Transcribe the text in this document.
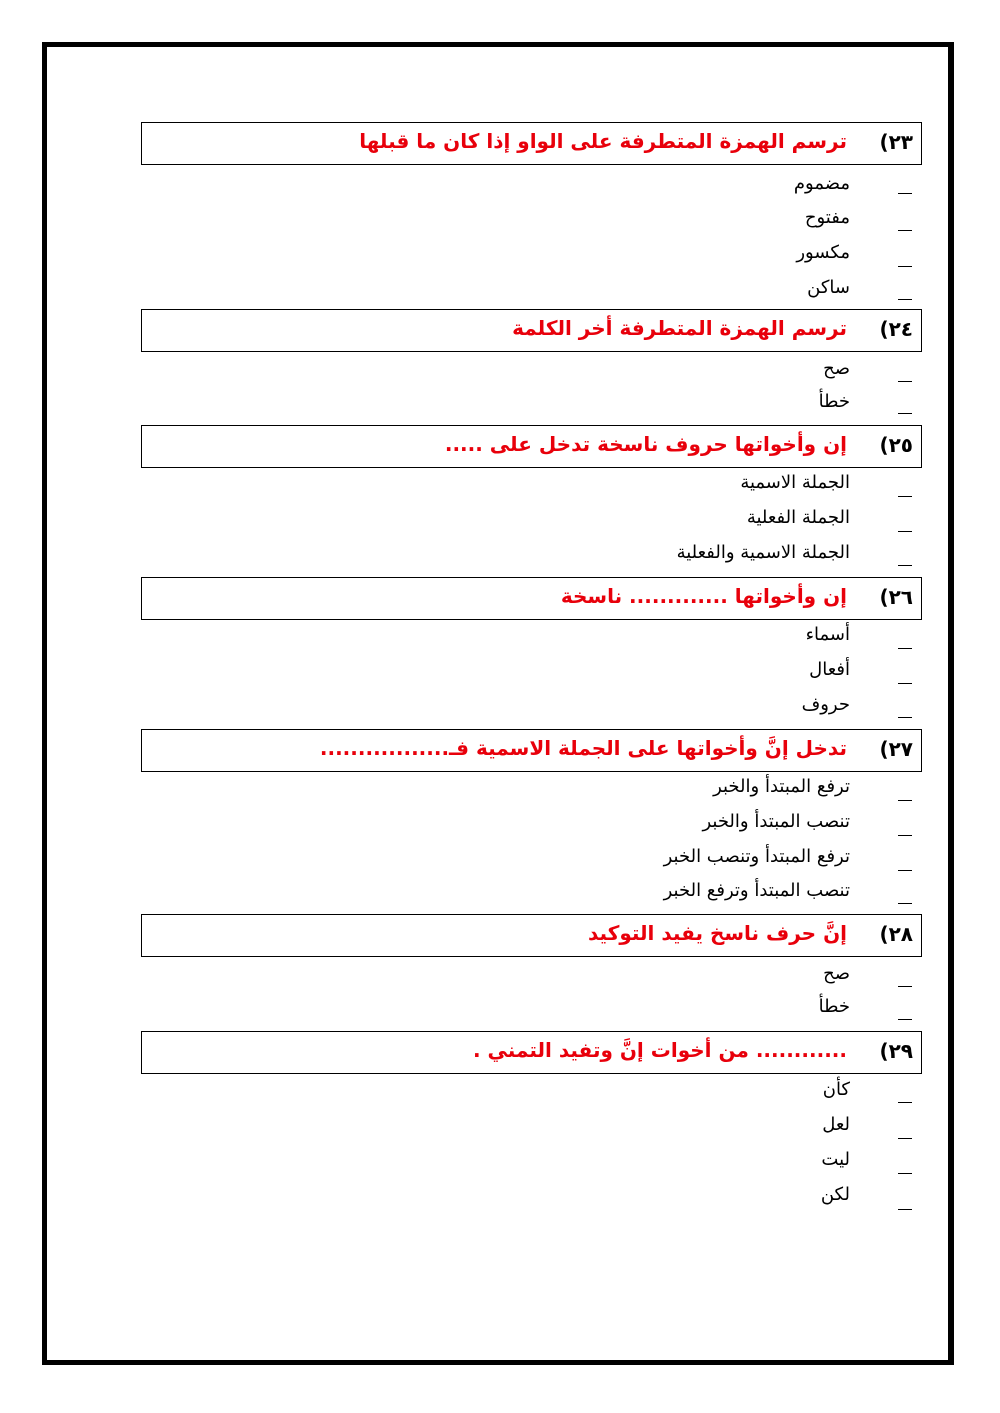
٢٣)
ترسم الهمزة المتطرفة على الواو إذا كان ما قبلها
مضموم
مفتوح
مكسور
ساكن
٢٤)
ترسم الهمزة المتطرفة أخر الكلمة
صح
خطأ
٢٥)
إن وأخواتها حروف ناسخة تدخل على .....
الجملة الاسمية
الجملة الفعلية
الجملة الاسمية والفعلية
٢٦)
إن وأخواتها ............. ناسخة
أسماء
أفعال
حروف
٢٧)
تدخل إنَّ وأخواتها على الجملة الاسمية فـ.................
ترفع المبتدأ والخبر
تنصب المبتدأ والخبر
ترفع المبتدأ وتنصب الخبر
تنصب المبتدأ وترفع الخبر
٢٨)
إنَّ حرف ناسخ يفيد التوكيد
صح
خطأ
٢٩)
............ من أخوات إنَّ وتفيد التمني .
كأن
لعل
ليت
لكن
